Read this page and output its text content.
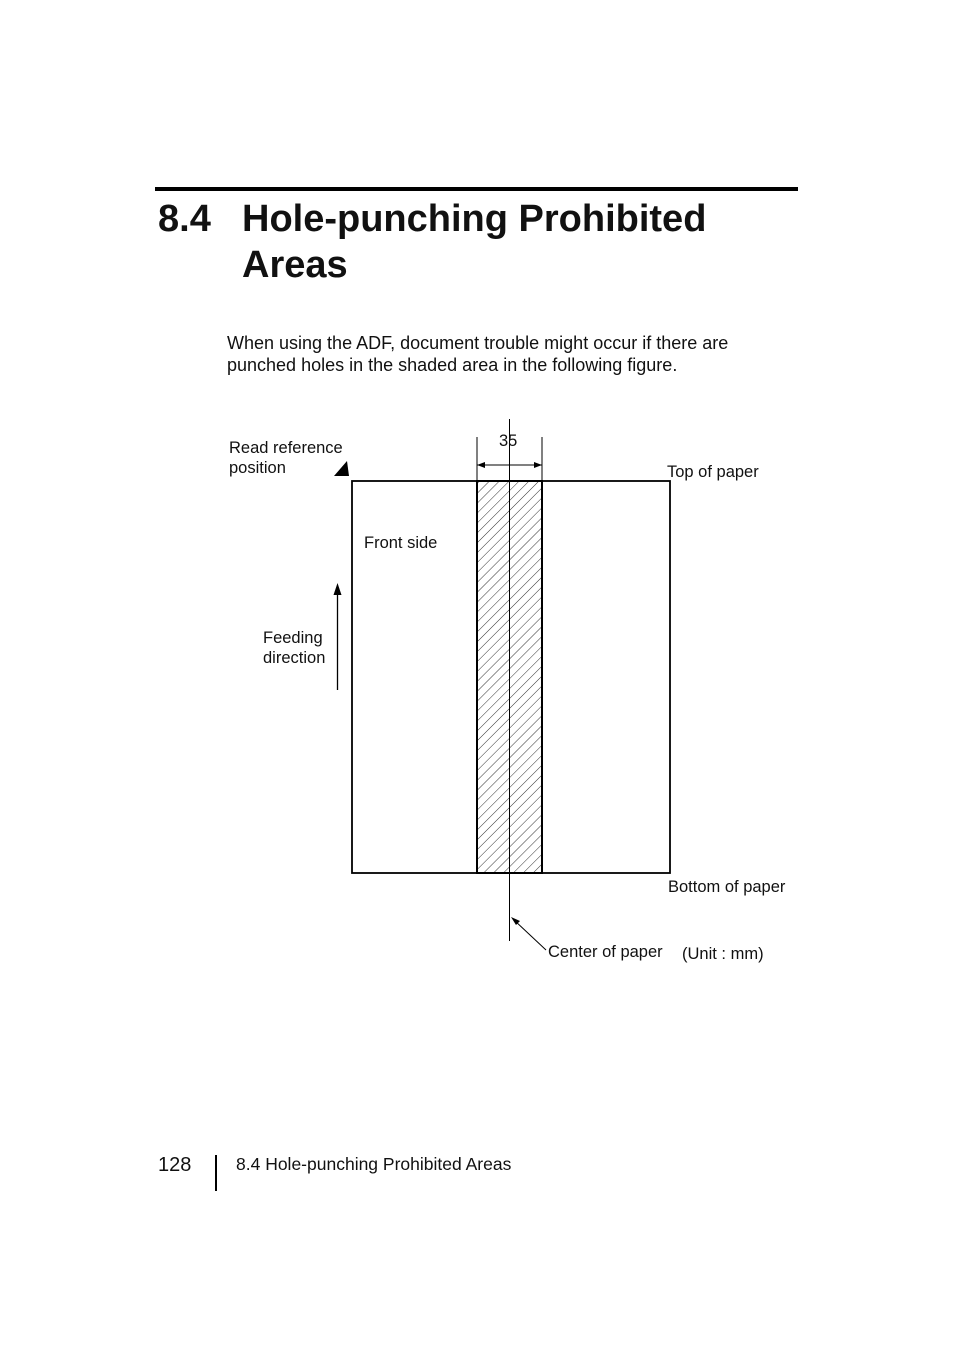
8.4 Hole-punching Prohibited
Areas
When using the ADF, document trouble might occur if there are
punched holes in the shaded area in the following figure.
Read reference
position
35
Top of paper
Front side
Feeding
direction
Bottom of paper
Center of paper (Unit : mm)
128	8.4 Hole-punching Prohibited Areas
